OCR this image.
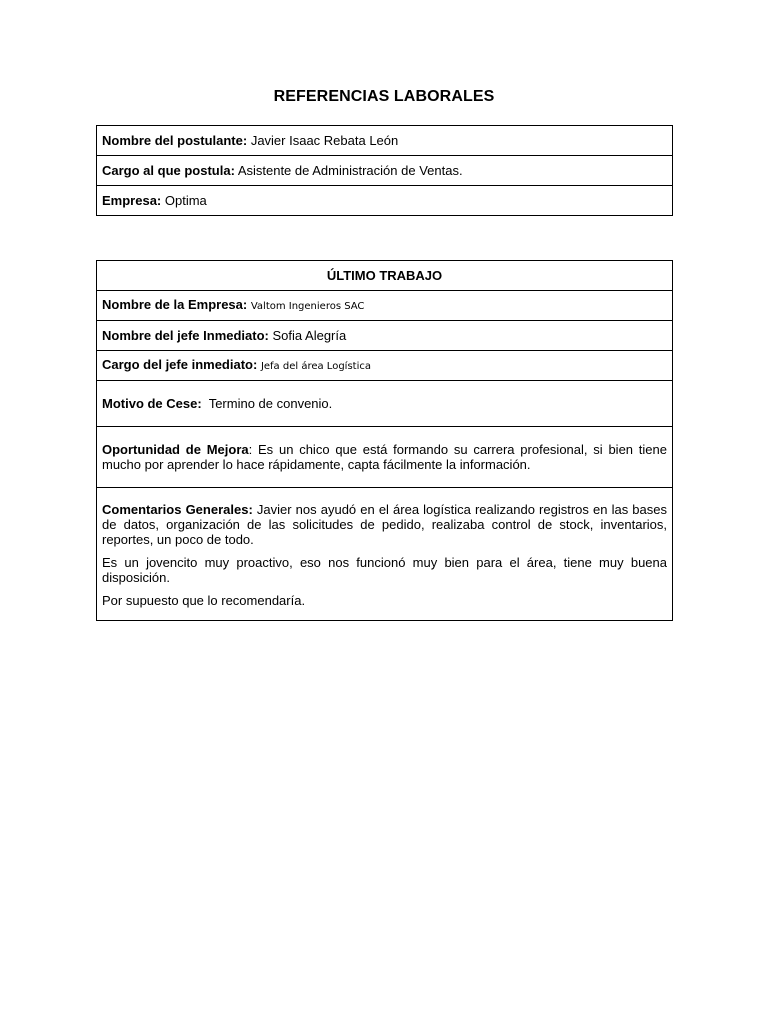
REFERENCIAS LABORALES
Nombre del postulante: Javier Isaac Rebata León
Cargo al que postula: Asistente de Administración de Ventas.
Empresa: Optima
ÚLTIMO TRABAJO
Nombre de la Empresa: Valtom Ingenieros SAC
Nombre del jefe Inmediato: Sofia Alegría
Cargo del jefe inmediato: Jefa del área Logística
Motivo de Cese: Termino de convenio.
Oportunidad de Mejora: Es un chico que está formando su carrera profesional, si bien tiene mucho por aprender lo hace rápidamente, capta fácilmente la información.

Comentarios Generales: Javier nos ayudó en el área logística realizando registros en las bases de datos, organización de las solicitudes de pedido, realizaba control de stock, inventarios, reportes, un poco de todo.

Es un jovencito muy proactivo, eso nos funcionó muy bien para el área, tiene muy buena disposición.

Por supuesto que lo recomendaría.
